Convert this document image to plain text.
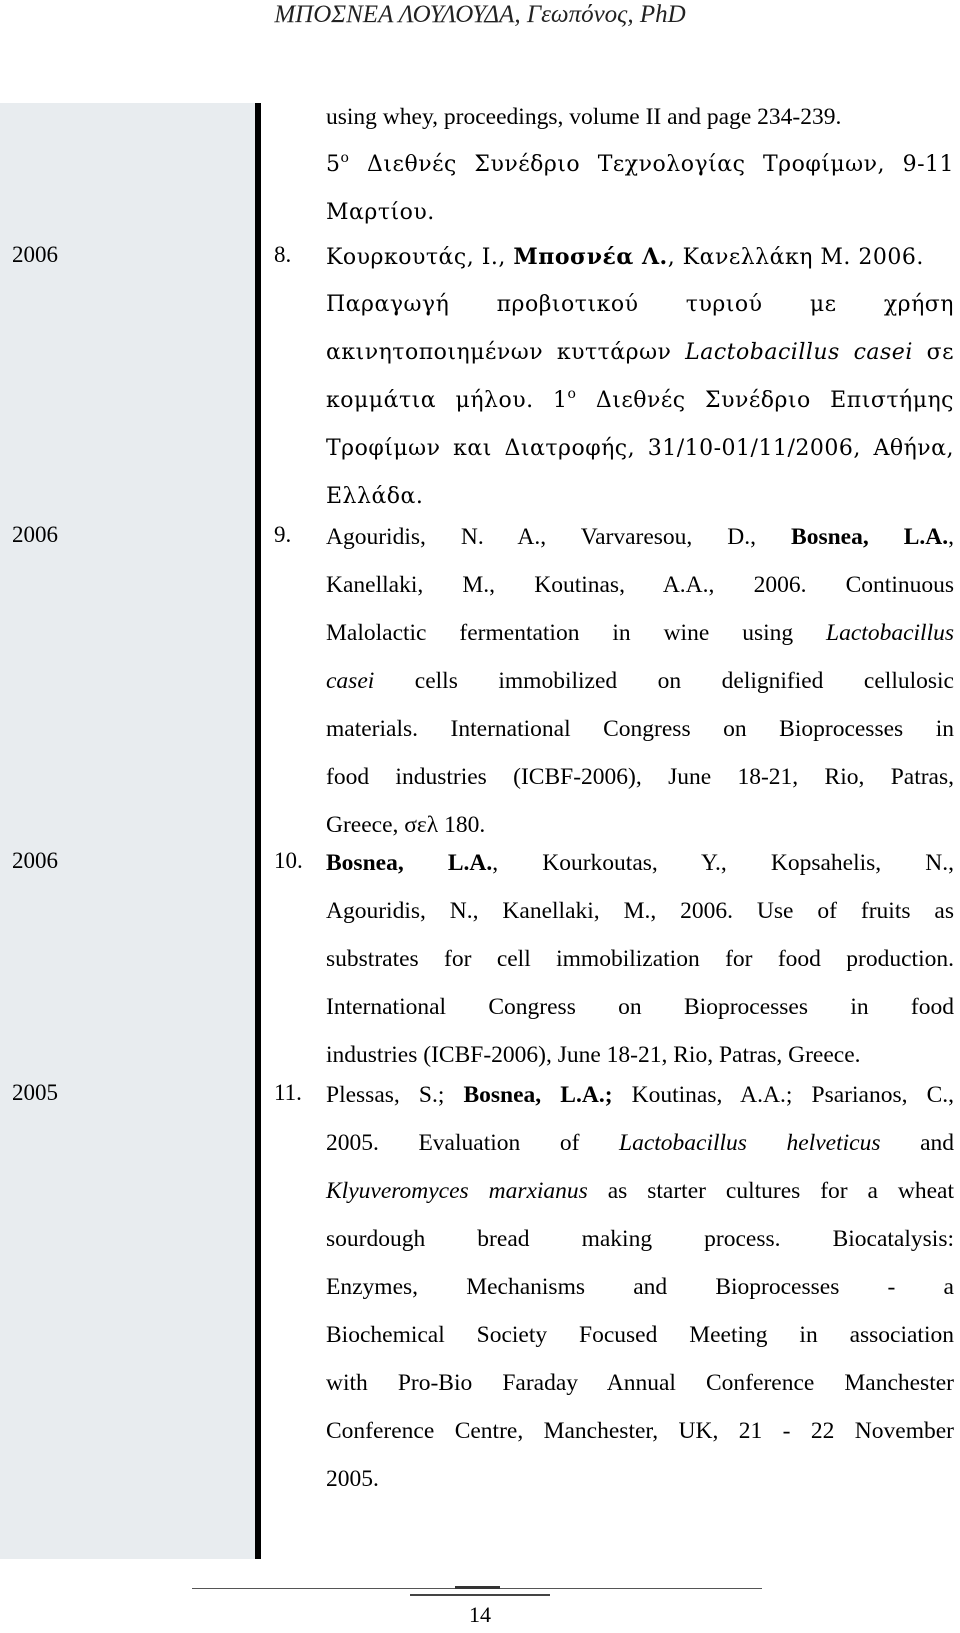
ΜΠΟΣΝΕΑ ΛΟΥΛΟΥΔΑ, Γεωπόνος, PhD
using whey, proceedings, volume II and page 234-239.
$5^o$ Διεθνές Συνέδριο Τεχνολογίας Τροφίμων, 9-11
Μαρτίου.
2006	8. Κουρκουτάς, Ι., Μποσνέα Λ., Κανελλάκη Μ. 2006.
Παραγωγή προβιοτικού τυριού με χρήση
ακινητοποιημένων κυττάρων Lactobacillus casei σε
κομμάτια μήλου. $1^o$ Διεθνές Συνέδριο Επιστήμης
Τροφίμων και Διατροφής, 31/10-01/11/2006, Αθήνα,
Ελλάδα.
2006	9. Agouridis, N. A., Varvaresou, D., Bosnea, L.A.,
Kanellaki, M., Koutinas, A.A., 2006. Continuous
Malolactic fermentation in wine using Lactobacillus
casei cells immobilized on delignified cellulosic
materials. International Congress on Bioprocesses in
food industries (ICBF-2006), June 18-21, Rio, Patras,
Greece, σελ 180.
2006	10. Bosnea, L.A., Kourkoutas, Y., Kopsahelis, N.,
Agouridis, N., Kanellaki, M., 2006. Use of fruits as
substrates for cell immobilization for food production.
International Congress on Bioprocesses in food
industries (ICBF-2006), June 18-21, Rio, Patras, Greece.
2005	11. Plessas, S.; Bosnea, L.A.; Koutinas, A.A.; Psarianos, C.,
2005. Evaluation of Lactobacillus helveticus and
Klyuveromyces marxianus as starter cultures for a wheat
sourdough bread making process. Biocatalysis:
Enzymes, Mechanisms and Bioprocesses - a
Biochemical Society Focused Meeting in association
with Pro-Bio Faraday Annual Conference Manchester
Conference Centre, Manchester, UK, 21 - 22 November
2005.
14
